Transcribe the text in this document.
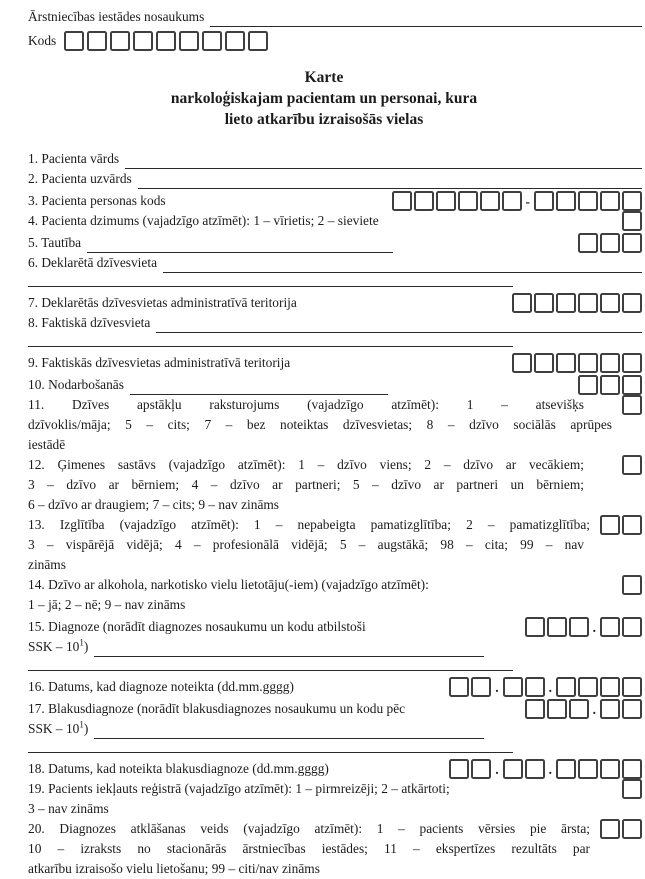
Ārstniecības iestādes nosaukums
Kods
Karte
narkoloģiskajam pacientam un personai, kura
lieto atkarību izraisošās vielas
1. Pacienta vārds
2. Pacienta uzvārds
3. Pacienta personas kods	-
4. Pacienta dzimums (vajadzīgo atzīmēt): 1 – vīrietis; 2 – sieviete
5. Tautība
6. Deklarētā dzīvesvieta
7. Deklarētās dzīvesvietas administratīvā teritorija
8. Faktiskā dzīvesvieta
9. Faktiskās dzīvesvietas administratīvā teritorija
10. Nodarbošanās
11. Dzīves apstākļu raksturojums (vajadzīgo atzīmēt): 1 – atsevišķs
dzīvoklis/māja; 5 – cits; 7 – bez noteiktas dzīvesvietas; 8 – dzīvo sociālās aprūpes
iestādē
12. Ģimenes sastāvs (vajadzīgo atzīmēt): 1 – dzīvo viens; 2 – dzīvo ar vecākiem;
3 – dzīvo ar bērniem; 4 – dzīvo ar partneri; 5 – dzīvo ar partneri un bērniem;
6 – dzīvo ar draugiem; 7 – cits; 9 – nav zināms
13. Izglītība (vajadzīgo atzīmēt): 1 – nepabeigta pamatizglītība; 2 – pamatizglītība;
3 – vispārējā vidējā; 4 – profesionālā vidējā; 5 – augstākā; 98 – cita; 99 – nav
zināms
14. Dzīvo ar alkohola, narkotisko vielu lietotāju(-iem) (vajadzīgo atzīmēt):
1 – jā; 2 – nē; 9 – nav zināms
15. Diagnoze (norādīt diagnozes nosaukumu un kodu atbilstoši	.
SSK – $10^1$)
16. Datums, kad diagnoze noteikta (dd.mm.gggg)	.	.
17. Blakusdiagnoze (norādīt blakusdiagnozes nosaukumu un kodu pēc	.
SSK – $10^1$)
18. Datums, kad noteikta blakusdiagnoze (dd.mm.gggg)	.	.
19. Pacients iekļauts reģistrā (vajadzīgo atzīmēt): 1 – pirmreizēji; 2 – atkārtoti;
3 – nav zināms
20. Diagnozes atklāšanas veids (vajadzīgo atzīmēt): 1 – pacients vērsies pie ārsta;
10 – izraksts no stacionārās ārstniecības iestādes; 11 – ekspertīzes rezultāts par
atkarību izraisošo vielu lietošanu; 99 – citi/nav zināms
